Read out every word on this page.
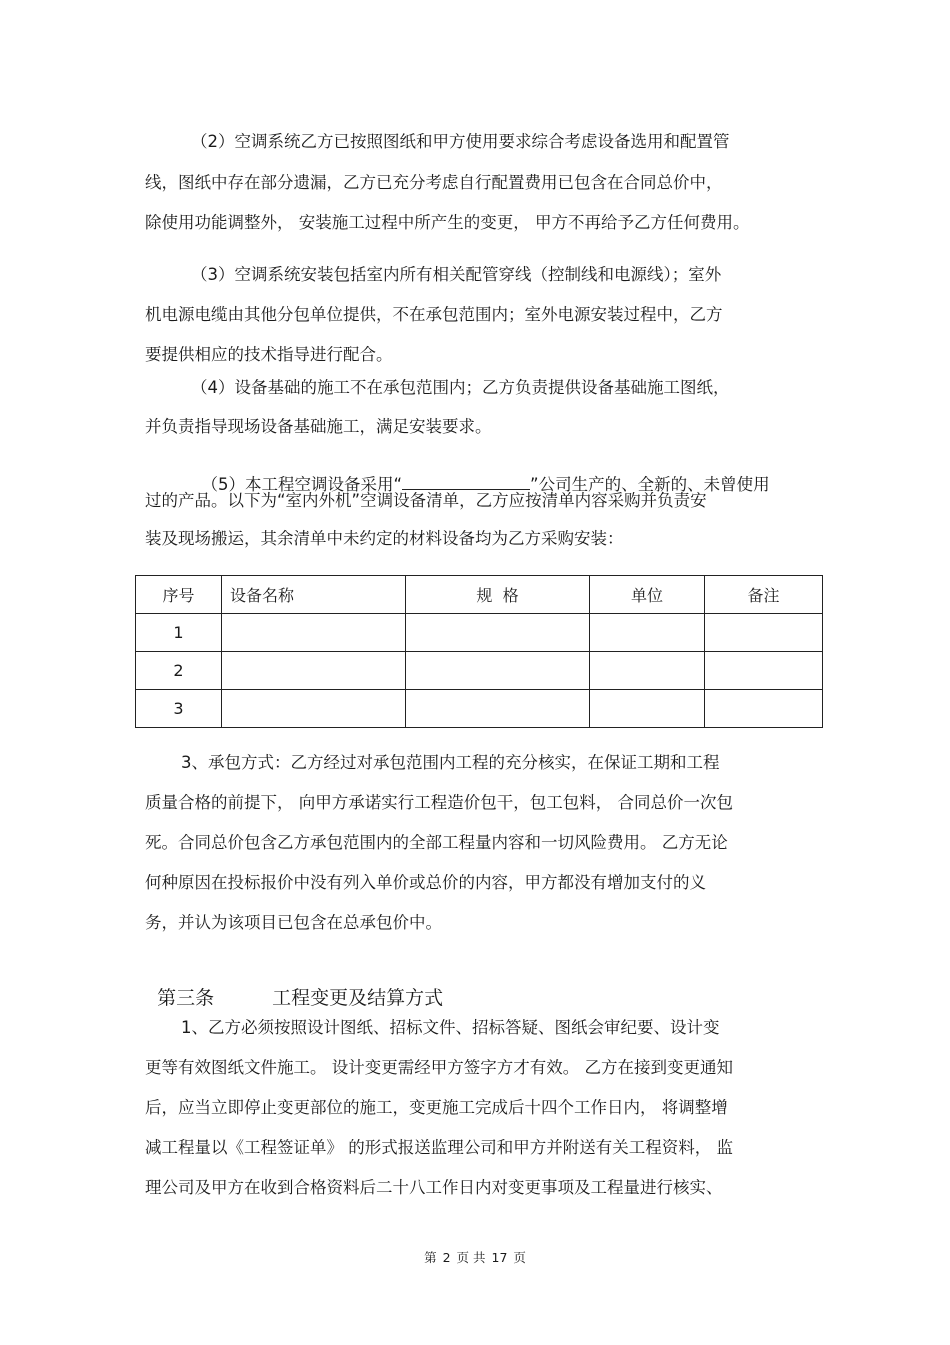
（2）空调系统乙方已按照图纸和甲方使用要求综合考虑设备选用和配置管
线，图纸中存在部分遗漏，乙方已充分考虑自行配置费用已包含在合同总价中，
除使用功能调整外， 安装施工过程中所产生的变更， 甲方不再给予乙方任何费用。
（3）空调系统安装包括室内所有相关配管穿线（控制线和电源线）；室外
机电源电缆由其他分包单位提供，不在承包范围内；室外电源安装过程中，乙方
要提供相应的技术指导进行配合。
（4）设备基础的施工不在承包范围内；乙方负责提供设备基础施工图纸，
并负责指导现场设备基础施工，满足安装要求。

（5）本工程空调设备采用“	”公司生产的、全新的、未曾使用

过的产品。以下为“室内外机”空调设备清单，乙方应按清单内容采购并负责安
装及现场搬运，其余清单中未约定的材料设备均为乙方采购安装：
序号	设备名称	规  格	单位	备注
1				
2				
3				
3、承包方式：乙方经过对承包范围内工程的充分核实，在保证工期和工程
质量合格的前提下， 向甲方承诺实行工程造价包干，包工包料， 合同总价一次包
死。合同总价包含乙方承包范围内的全部工程量内容和一切风险费用。 乙方无论
何种原因在投标报价中没有列入单价或总价的内容，甲方都没有增加支付的义
务，并认为该项目已包含在总承包价中。

第三条	工程变更及结算方式

1、乙方必须按照设计图纸、招标文件、招标答疑、图纸会审纪要、设计变
更等有效图纸文件施工。 设计变更需经甲方签字方才有效。 乙方在接到变更通知
后，应当立即停止变更部位的施工，变更施工完成后十四个工作日内， 将调整增
减工程量以《工程签证单》 的形式报送监理公司和甲方并附送有关工程资料， 监
理公司及甲方在收到合格资料后二十八工作日内对变更事项及工程量进行核实、
第 2 页 共 17 页
